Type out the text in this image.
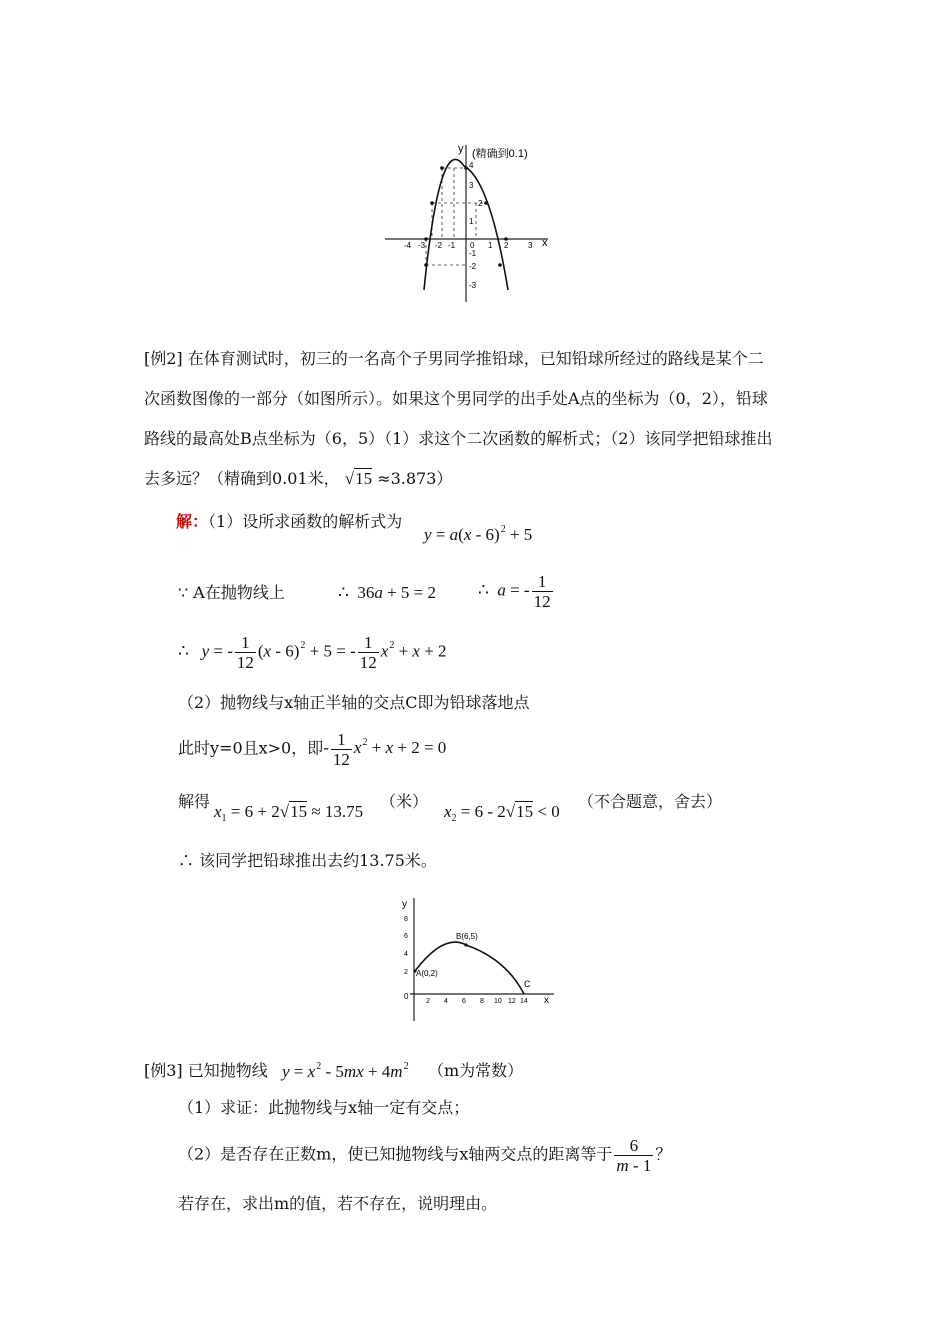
y (精确到0.1)
x
-4 -3 -2 -1 0 1 2 3
4
3
2
1
-1
-2
-3
[例2] 在体育测试时，初三的一名高个子男同学推铅球，已知铅球所经过的路线是某个二
次函数图像的一部分（如图所示）。如果这个男同学的出手处A点的坐标为（0，2），铅球
路线的最高处B点坐标为（6，5）（1）求这个二次函数的解析式；（2）该同学把铅球推出
去多远？（精确到0.01米， √15 ≈3.873）
解：（1）设所求函数的解析式为
y = a(x - 6)$^2$ + 5
∵ A在抛物线上	∴  36a + 5 = 2 ∴  a = - $\frac{1}{12}$
∴ y = - $\frac{1}{12} (x - 6)^2 + 5$ = - $\frac{1}{12} x^2 + x + 2$
（2）抛物线与x轴正半轴的交点C即为铅球落地点
此时y=0且x>0，即- $\frac{1}{12} x^2 + x + 2 = 0$
解得
$x_1 = 6 + 2√15 \approx 13.75$
（米）
$x_2 = 6 - 2√15 < 0$
（不合题意，舍去）
∴ 该同学把铅球推出去约13.75米。
y
x
A(0,2)
B(6,5)
C
0
2 4 6 8 10 12 14
2
4
6
8
[例3] 已知抛物线 $y = x^2 - 5mx + 4m^2$ （m为常数）
（1）求证：此抛物线与x轴一定有交点；
（2）是否存在正数m，使已知抛物线与x轴两交点的距离等于 $\frac{6}{m - 1}$ ？
若存在，求出m的值，若不存在，说明理由。
